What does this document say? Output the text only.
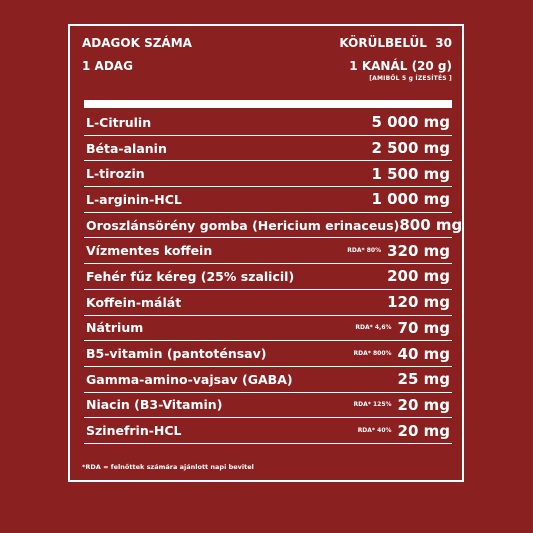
ADAGOK SZÁMA	KÖRÜLBELÜL  30
1 ADAG	1 KANÁL (20 g)
[AMIBŐL 5 g ÍZESÍTÉS ]
L-Citrulin	5 000 mg
Béta-alanin	2 500 mg
L-tirozin	1 500 mg
L-arginin-HCL	1 000 mg
Oroszlánsörény gomba (Hericium erinaceus) 800 mg
Vízmentes koffein	RDA* 80% 320 mg
Fehér fűz kéreg (25% szalicil)	200 mg
Koffein-málát	120 mg
Nátrium	RDA* 4,6% 70 mg
B5-vitamin (pantoténsav)	RDA* 800% 40 mg
Gamma-amino-vajsav (GABA)	25 mg
Niacin (B3-Vitamin)	RDA* 125% 20 mg
Szinefrin-HCL	RDA* 40% 20 mg
*RDA = felnőttek számára ajánlott napi bevitel
